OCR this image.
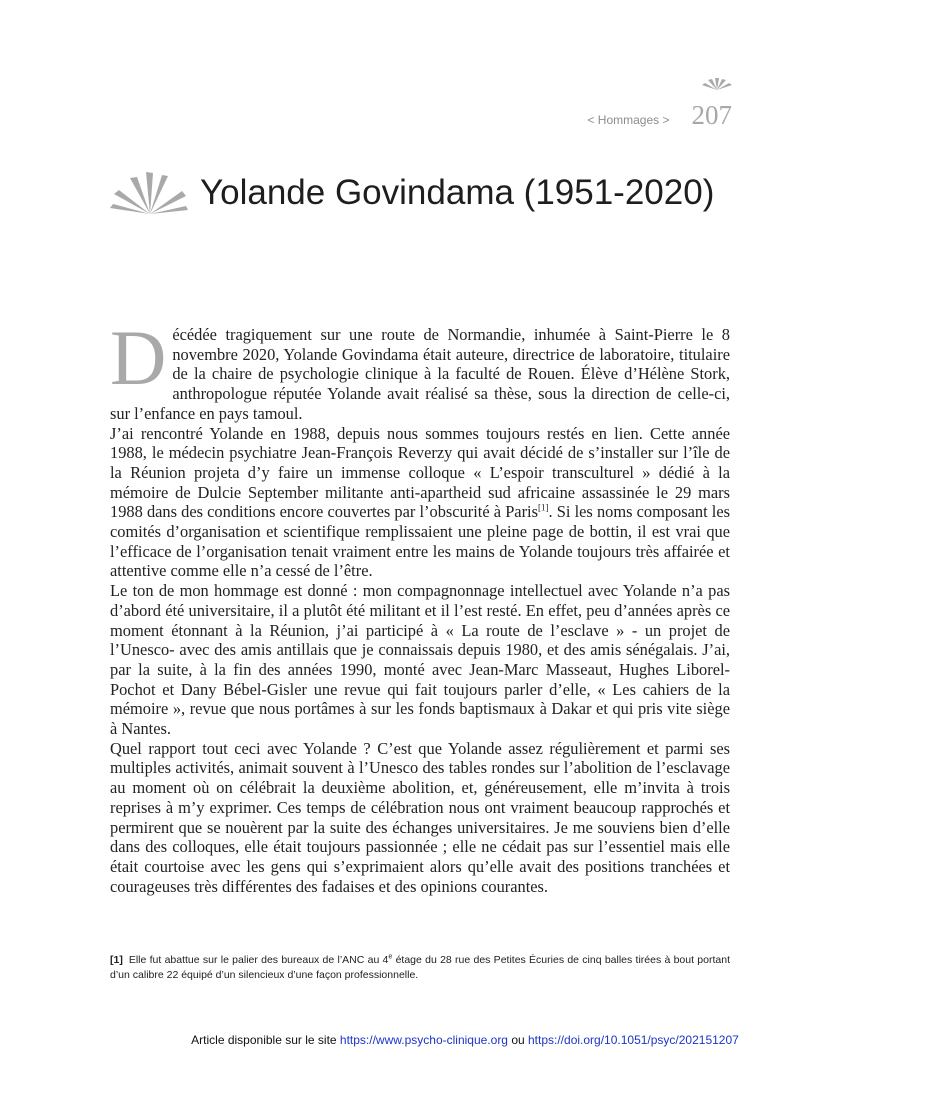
< Hommages > 207
Yolande Govindama (1951-2020)

Décédée tragiquement sur une route de Normandie, inhumée à Saint-Pierre le 8 novembre 2020, Yolande Govindama était auteure, directrice de laboratoire, titulaire de la chaire de psychologie clinique à la faculté de Rouen. Élève d’Hélène Stork, anthropologue réputée Yolande avait réalisé sa thèse, sous la direction de celle-ci, sur l’enfance en pays tamoul.

J’ai rencontré Yolande en 1988, depuis nous sommes toujours restés en lien. Cette année 1988, le médecin psychiatre Jean-François Reverzy qui avait décidé de s’installer sur l’île de la Réunion projeta d’y faire un immense colloque « L’espoir transculturel » dédié à la mémoire de Dulcie September militante anti-apartheid sud africaine assassinée le 29 mars 1988 dans des conditions encore couvertes par l’obscurité à Paris[1]. Si les noms composant les comités d’organisation et scientifique remplissaient une pleine page de bottin, il est vrai que l’efficace de l’organisation tenait vraiment entre les mains de Yolande toujours très affairée et attentive comme elle n’a cessé de l’être.

Le ton de mon hommage est donné : mon compagnonnage intellectuel avec Yolande n’a pas d’abord été universitaire, il a plutôt été militant et il l’est resté. En effet, peu d’années après ce moment étonnant à la Réunion, j’ai participé à « La route de l’esclave » - un projet de l’Unesco- avec des amis antillais que je connaissais depuis 1980, et des amis sénégalais. J’ai, par la suite, à la fin des années 1990, monté avec Jean-Marc Masseaut, Hughes Liborel-Pochot et Dany Bébel-Gisler une revue qui fait toujours parler d’elle, « Les cahiers de la mémoire », revue que nous portâmes à sur les fonds baptismaux à Dakar et qui pris vite siège à Nantes.

Quel rapport tout ceci avec Yolande ? C’est que Yolande assez régulièrement et parmi ses multiples activités, animait souvent à l’Unesco des tables rondes sur l’abolition de l’esclavage au moment où on célébrait la deuxième abolition, et, généreusement, elle m’invita à trois reprises à m’y exprimer. Ces temps de célébration nous ont vraiment beaucoup rapprochés et permirent que se nouèrent par la suite des échanges universitaires. Je me souviens bien d’elle dans des colloques, elle était toujours passionnée ; elle ne cédait pas sur l’essentiel mais elle était courtoise avec les gens qui s’exprimaient alors qu’elle avait des positions tranchées et courageuses très différentes des fadaises et des opinions courantes.

[1] Elle fut abattue sur le palier des bureaux de l’ANC au 4e étage du 28 rue des Petites Écuries de cinq balles tirées à bout portant d’un calibre 22 équipé d’un silencieux d’une façon professionnelle.
Article disponible sur le site https://www.psycho-clinique.org ou https://doi.org/10.1051/psyc/202151207
